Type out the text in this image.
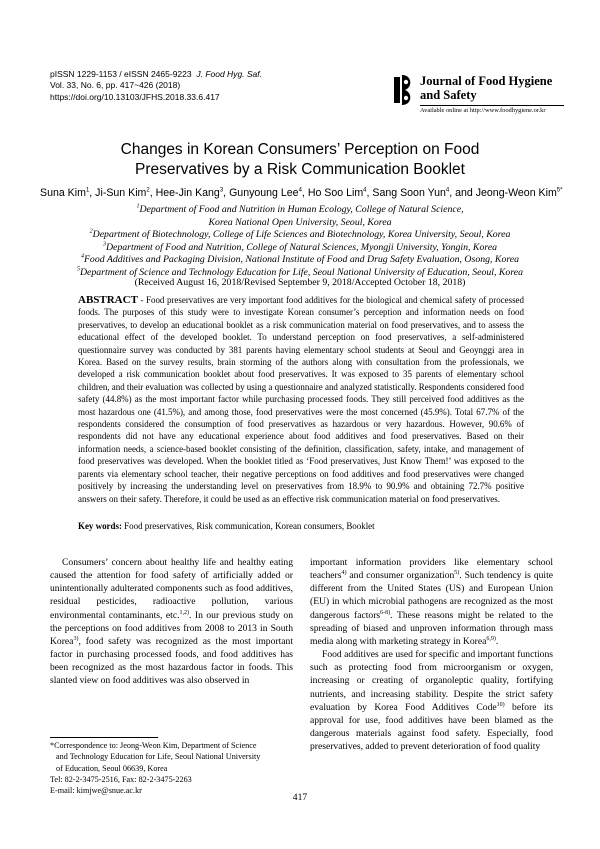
pISSN 1229-1153 / eISSN 2465-9223 J. Food Hyg. Saf.
Vol. 33, No. 6, pp. 417~426 (2018)
https://doi.org/10.13103/JFHS.2018.33.6.417
Journal of Food Hygiene
and Safety
Available online at http://www.foodhygiene.or.kr
Changes in Korean Consumers’ Perception on Food
Preservatives by a Risk Communication Booklet
Suna Kim$^1$, Ji-Sun Kim$^2$, Hee-Jin Kang$^3$, Gunyoung Lee$^4$, Ho Soo Lim$^4$, Sang Soon Yun$^4$, and Jeong-Weon Kim$^{5*}$
$^1$Department of Food and Nutrition in Human Ecology, College of Natural Science,
Korea National Open University, Seoul, Korea
$^2$Department of Biotechnology, College of Life Sciences and Biotechnology, Korea University, Seoul, Korea
$^3$Department of Food and Nutrition, College of Natural Sciences, Myongji University, Yongin, Korea
$^4$Food Additives and Packaging Division, National Institute of Food and Drug Safety Evaluation, Osong, Korea
$^5$Department of Science and Technology Education for Life, Seoul National University of Education, Seoul, Korea
(Received August 16, 2018/Revised September 9, 2018/Accepted October 18, 2018)
ABSTRACT - Food preservatives are very important food additives for the biological and chemical safety of processed foods. The purposes of this study were to investigate Korean consumer’s perception and information needs on food preservatives, to develop an educational booklet as a risk communication material on food preservatives, and to assess the educational effect of the developed booklet. To understand perception on food preservatives, a self-administered questionnaire survey was conducted by 381 parents having elementary school students at Seoul and Geoynggi area in Korea. Based on the survey results, brain storming of the authors along with consultation from the professionals, we developed a risk communication booklet about food preservatives. It was exposed to 35 parents of elementary school children, and their evaluation was collected by using a questionnaire and analyzed statistically. Respondents considered food safety (44.8%) as the most important factor while purchasing processed foods. They still perceived food additives as the most hazardous one (41.5%), and among those, food preservatives were the most concerned (45.9%). Total 67.7% of the respondents considered the consumption of food preservatives as hazardous or very hazardous. However, 90.6% of respondents did not have any educational experience about food additives and food preservatives. Based on their information needs, a science-based booklet consisting of the definition, classification, safety, intake, and management of food preservatives was developed. When the booklet titled as ‘Food preservatives, Just Know Them!’ was exposed to the parents via elementary school teacher, their negative perceptions on food additives and food preservatives were changed positively by increasing the understanding level on preservatives from 18.9% to 90.9% and obtaining 72.7% positive answers on their safety. Therefore, it could be used as an effective risk communication material on food preservatives.
Key words: Food preservatives, Risk communication, Korean consumers, Booklet

Consumers’ concern about healthy life and healthy eating caused the attention for food safety of artificially added or unintentionally adulterated components such as food additives, residual pesticides, radioactive pollution, various environmental contaminants, etc.$^{1,2)}$. In our previous study on the perceptions on food additives from 2008 to 2013 in South Korea$^{3)}$, food safety was recognized as the most important factor in purchasing processed foods, and food additives has been recognized as the most hazardous factor in foods. This slanted view on food additives was also observed in

important information providers like elementary school teachers$^{4)}$ and consumer organization$^{5)}$. Such tendency is quite different from the United States (US) and European Union (EU) in which microbial pathogens are recognized as the most dangerous factors$^{6-8)}$. These reasons might be related to the spreading of biased and unproven information through mass media along with marketing strategy in Korea$^{6,9)}$.

Food additives are used for specific and important functions such as protecting food from microorganism or oxygen, increasing or creating of organoleptic quality, fortifying nutrients, and increasing stability. Despite the strict safety evaluation by Korea Food Additives Code$^{10)}$ before its approval for use, food additives have been blamed as the dangerous materials against food safety. Especially, food preservatives, added to prevent deterioration of food quality

*Correspondence to: Jeong-Weon Kim, Department of Science
and Technology Education for Life, Seoul National University
of Education, Seoul 06639, Korea
Tel: 82-2-3475-2516, Fax: 82-2-3475-2263
E-mail: kimjwe@snue.ac.kr
417
